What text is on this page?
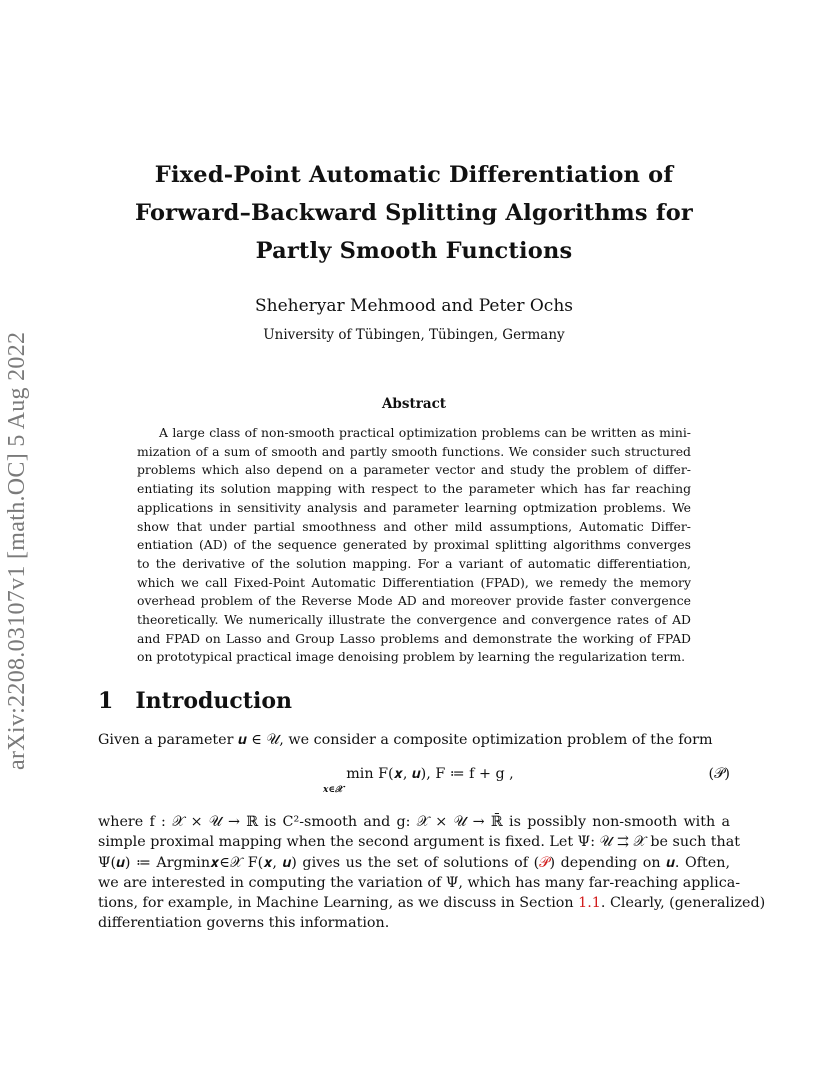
arXiv:2208.03107v1 [math.OC] 5 Aug 2022
Fixed-Point Automatic Differentiation of
Forward–Backward Splitting Algorithms for
Partly Smooth Functions
Sheheryar Mehmood and Peter Ochs
University of Tübingen, Tübingen, Germany
Abstract
A large class of non-smooth practical optimization problems can be written as mini-
mization of a sum of smooth and partly smooth functions. We consider such structured
problems which also depend on a parameter vector and study the problem of differ-
entiating its solution mapping with respect to the parameter which has far reaching
applications in sensitivity analysis and parameter learning optmization problems. We
show that under partial smoothness and other mild assumptions, Automatic Differ-
entiation (AD) of the sequence generated by proximal splitting algorithms converges
to the derivative of the solution mapping. For a variant of automatic differentiation,
which we call Fixed-Point Automatic Differentiation (FPAD), we remedy the memory
overhead problem of the Reverse Mode AD and moreover provide faster convergence
theoretically. We numerically illustrate the convergence and convergence rates of AD
and FPAD on Lasso and Group Lasso problems and demonstrate the working of FPAD
on prototypical practical image denoising problem by learning the regularization term.
1 Introduction
Given a parameter 𝒖 ∈ 𝒰, we consider a composite optimization problem of the form
min F(𝒙, 𝒖), F ≔ f + g ,
𝒙∈𝒳
(𝒫)
where f : 𝒳 × 𝒰 → ℝ is C²-smooth and g: 𝒳 × 𝒰 → ℝ̄ is possibly non-smooth with a
simple proximal mapping when the second argument is fixed. Let Ψ: 𝒰 ⇉ 𝒳 be such that
Ψ(𝒖) ≔ Argmin𝒙∈𝒳 F(𝒙, 𝒖) gives us the set of solutions of (𝒫) depending on 𝒖. Often,
we are interested in computing the variation of Ψ, which has many far-reaching applica-
tions, for example, in Machine Learning, as we discuss in Section 1.1. Clearly, (generalized)
differentiation governs this information.
